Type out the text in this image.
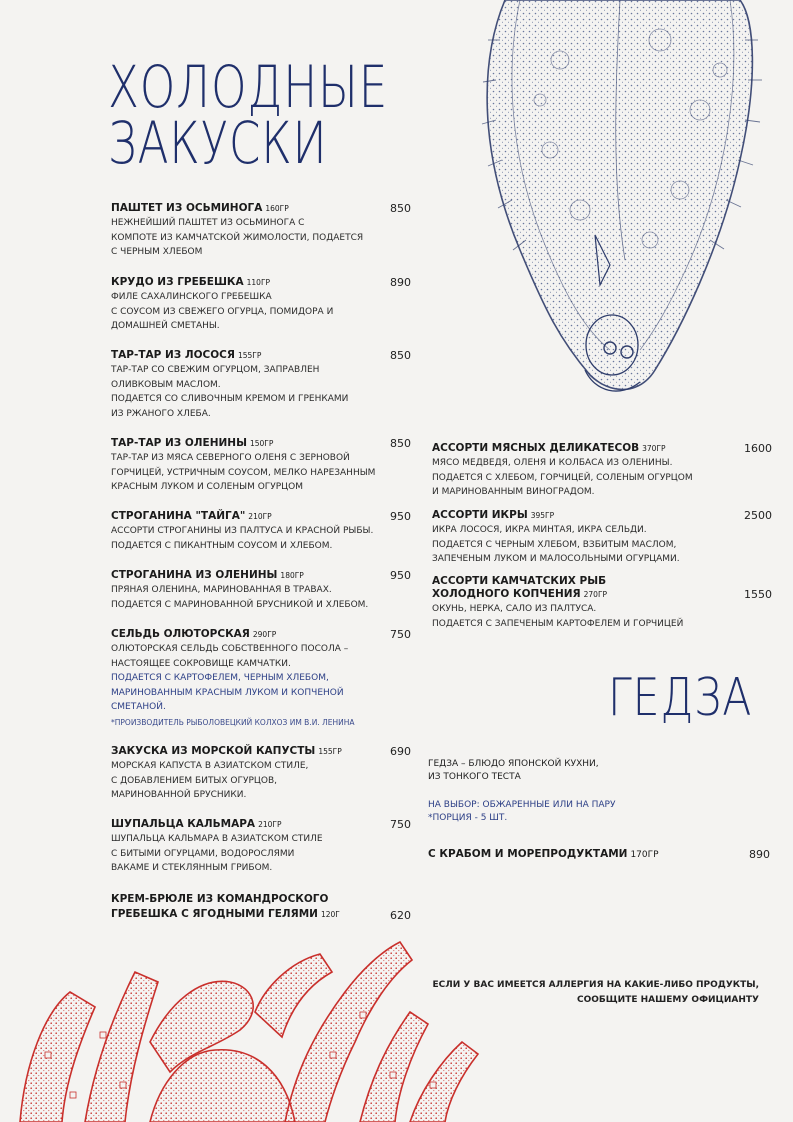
ХОЛОДНЫЕ
ЗАКУСКИ
ГЕДЗА
ПАШТЕТ ИЗ ОСЬМИНОГА 160ГР	850
НЕЖНЕЙШИЙ ПАШТЕТ ИЗ ОСЬМИНОГА С
КОМПОТЕ ИЗ КАМЧАТСКОЙ ЖИМОЛОСТИ, ПОДАЕТСЯ
С ЧЕРНЫМ ХЛЕБОМ
КРУДО ИЗ ГРЕБЕШКА 110ГР	890
ФИЛЕ САХАЛИНСКОГО ГРЕБЕШКА
С СОУСОМ ИЗ СВЕЖЕГО ОГУРЦА, ПОМИДОРА И
ДОМАШНЕЙ СМЕТАНЫ.
ТАР-ТАР ИЗ ЛОСОСЯ 155ГР	850
ТАР-ТАР СО СВЕЖИМ ОГУРЦОМ, ЗАПРАВЛЕН
ОЛИВКОВЫМ МАСЛОМ.
ПОДАЕТСЯ СО СЛИВОЧНЫМ КРЕМОМ И ГРЕНКАМИ
ИЗ РЖАНОГО ХЛЕБА.
ТАР-ТАР ИЗ ОЛЕНИНЫ 150ГР	850
ТАР-ТАР ИЗ МЯСА СЕВЕРНОГО ОЛЕНЯ С ЗЕРНОВОЙ
ГОРЧИЦЕЙ, УСТРИЧНЫМ СОУСОМ, МЕЛКО НАРЕЗАННЫМ
КРАСНЫМ ЛУКОМ И СОЛЕНЫМ ОГУРЦОМ
СТРОГАНИНА "ТАЙГА" 210ГР	950
АССОРТИ СТРОГАНИНЫ ИЗ ПАЛТУСА И КРАСНОЙ РЫБЫ.
ПОДАЕТСЯ С ПИКАНТНЫМ СОУСОМ И ХЛЕБОМ.
СТРОГАНИНА ИЗ ОЛЕНИНЫ 180ГР	950
ПРЯНАЯ ОЛЕНИНА, МАРИНОВАННАЯ В ТРАВАХ.
ПОДАЕТСЯ С МАРИНОВАННОЙ БРУСНИКОЙ И ХЛЕБОМ.
СЕЛЬДЬ ОЛЮТОРСКАЯ 290ГР	750
ОЛЮТОРСКАЯ СЕЛЬДЬ СОБСТВЕННОГО ПОСОЛА –
НАСТОЯЩЕЕ СОКРОВИЩЕ КАМЧАТКИ.
ПОДАЕТСЯ С КАРТОФЕЛЕМ, ЧЕРНЫМ ХЛЕБОМ,
МАРИНОВАННЫМ КРАСНЫМ ЛУКОМ И КОПЧЕНОЙ
СМЕТАНОЙ.
*ПРОИЗВОДИТЕЛЬ РЫБОЛОВЕЦКИЙ КОЛХОЗ ИМ В.И. ЛЕНИНА
ЗАКУСКА ИЗ МОРСКОЙ КАПУСТЫ 155ГР	690
МОРСКАЯ КАПУСТА В АЗИАТСКОМ СТИЛЕ,
С ДОБАВЛЕНИЕМ БИТЫХ ОГУРЦОВ,
МАРИНОВАННОЙ БРУСНИКИ.
ШУПАЛЬЦА КАЛЬМАРА 210ГР	750
ШУПАЛЬЦА КАЛЬМАРА В АЗИАТСКОМ СТИЛЕ
С БИТЫМИ ОГУРЦАМИ, ВОДОРОСЛЯМИ
ВАКАМЕ И СТЕКЛЯННЫМ ГРИБОМ.
КРЕМ-БРЮЛЕ ИЗ КОМАНДРОСКОГО
ГРЕБЕШКА С ЯГОДНЫМИ ГЕЛЯМИ 120Г	620
АССОРТИ МЯСНЫХ ДЕЛИКАТЕСОВ 370ГР	1600
МЯСО МЕДВЕДЯ, ОЛЕНЯ И КОЛБАСА ИЗ ОЛЕНИНЫ.
ПОДАЕТСЯ С ХЛЕБОМ, ГОРЧИЦЕЙ, СОЛЕНЫМ ОГУРЦОМ
И МАРИНОВАННЫМ ВИНОГРАДОМ.
АССОРТИ ИКРЫ 395ГР	2500
ИКРА ЛОСОСЯ, ИКРА МИНТАЯ, ИКРА СЕЛЬДИ.
ПОДАЕТСЯ С ЧЕРНЫМ ХЛЕБОМ, ВЗБИТЫМ МАСЛОМ,
ЗАПЕЧЕНЫМ ЛУКОМ И МАЛОСОЛЬНЫМИ ОГУРЦАМИ.
АССОРТИ КАМЧАТСКИХ РЫБ
ХОЛОДНОГО КОПЧЕНИЯ 270ГР	1550
ОКУНЬ, НЕРКА, САЛО ИЗ ПАЛТУСА.
ПОДАЕТСЯ С ЗАПЕЧЕНЫМ КАРТОФЕЛЕМ И ГОРЧИЦЕЙ
ГЕДЗА – БЛЮДО ЯПОНСКОЙ КУХНИ,
ИЗ ТОНКОГО ТЕСТА
НА ВЫБОР: ОБЖАРЕННЫЕ ИЛИ НА ПАРУ
*ПОРЦИЯ - 5 ШТ.
С КРАБОМ И МОРЕПРОДУКТАМИ 170ГР	890
ЕСЛИ У ВАС ИМЕЕТСЯ АЛЛЕРГИЯ НА КАКИЕ-ЛИБО ПРОДУКТЫ,
СООБЩИТЕ НАШЕМУ ОФИЦИАНТУ
